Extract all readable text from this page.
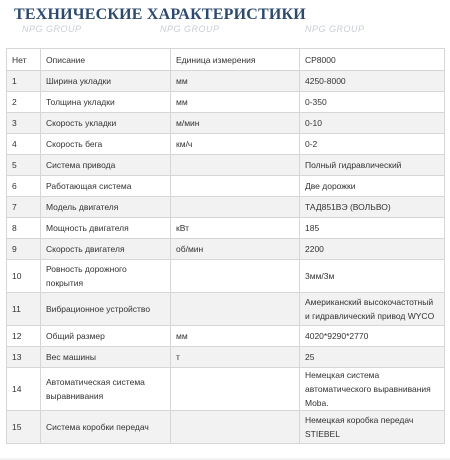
ТЕХНИЧЕСКИЕ ХАРАКТЕРИСТИКИ
NPG GROUP	NPG GROUP	NPG GROUP
Нет	Описание	Единица измерения	CP8000
1	Ширина укладки	мм	4250-8000
2	Толщина укладки	мм	0-350
3	Скорость укладки	м/мин	0-10
4	Скорость бега	км/ч	0-2
5	Система привода		Полный гидравлический
6	Работающая система		Две дорожки
7	Модель двигателя		ТАД851ВЭ (ВОЛЬВО)
8	Мощность двигателя	кВт	185
9	Скорость двигателя	об/мин	2200
10	Ровность дорожного покрытия		3мм/3м
11	Вибрационное устройство		Американский высокочастотный и гидравлический привод WYCO
12	Общий размер	мм	4020*9290*2770
13	Вес машины	т	25
14	Автоматическая система выравнивания		Немецкая система автоматического выравнивания Moba.
15	Система коробки передач		Немецкая коробка передач STIEBEL
